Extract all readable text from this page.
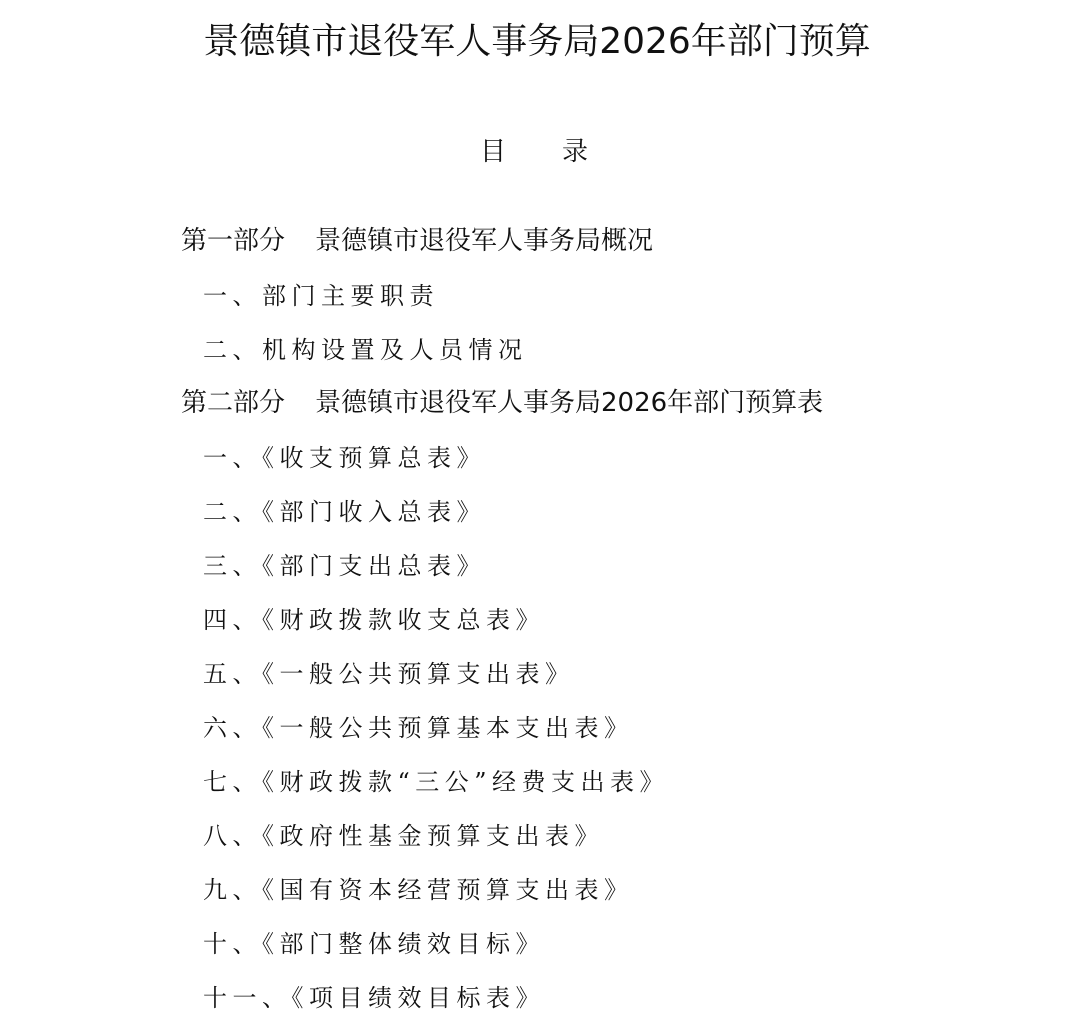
景德镇市退役军人事务局2026年部门预算
目 录
第一部分 景德镇市退役军人事务局概况
一、部门主要职责
二、机构设置及人员情况
第二部分 景德镇市退役军人事务局2026年部门预算表
一、《收支预算总表》
二、《部门收入总表》
三、《部门支出总表》
四、《财政拨款收支总表》
五、《一般公共预算支出表》
六、《一般公共预算基本支出表》
七、《财政拨款“三公”经费支出表》
八、《政府性基金预算支出表》
九、《国有资本经营预算支出表》
十、《部门整体绩效目标》
十一、《项目绩效目标表》
